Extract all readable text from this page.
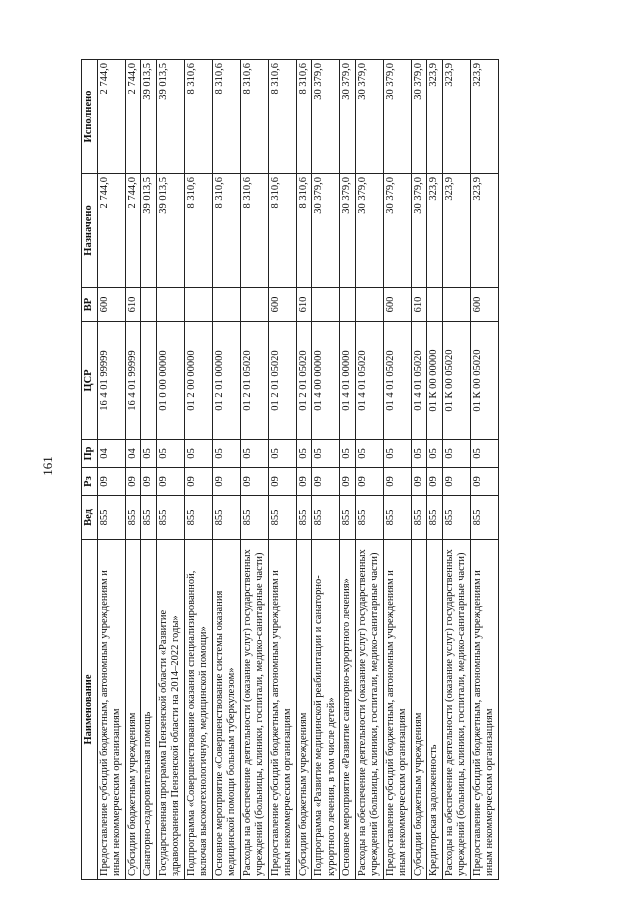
161
Наименование	Вед	Рз	Пр	ЦСР	ВР	Назначено	Исполнено
Предоставление субсидий бюджетным, автономным учреждениям и иным некоммерческим организациям	855	09	04	16 4 01 99999	600	2 744,0	2 744,0
Субсидии бюджетным учреждениям	855	09	04	16 4 01 99999	610	2 744,0	2 744,0
Санаторно-оздоровительная помощь	855	09	05			39 013,5	39 013,5
Государственная программа Пензенской области «Развитие здравоохранения Пензенской области на 2014–2022 годы»	855	09	05	01 0 00 00000		39 013,5	39 013,5
Подпрограмма «Совершенствование оказания специализированной, включая высокотехнологичную, медицинской помощи»	855	09	05	01 2 00 00000		8 310,6	8 310,6
Основное мероприятие «Совершенствование системы оказания медицинской помощи больным туберкулезом»	855	09	05	01 2 01 00000		8 310,6	8 310,6
Расходы на обеспечение деятельности (оказание услуг) государственных учреждений (больницы, клиники, госпитали, медико-санитарные части)	855	09	05	01 2 01 05020		8 310,6	8 310,6
Предоставление субсидий бюджетным, автономным учреждениям и иным некоммерческим организациям	855	09	05	01 2 01 05020	600	8 310,6	8 310,6
Субсидии бюджетным учреждениям	855	09	05	01 2 01 05020	610	8 310,6	8 310,6
Подпрограмма «Развитие медицинской реабилитации и санаторно-курортного лечения, в том числе детей»	855	09	05	01 4 00 00000		30 379,0	30 379,0
Основное мероприятие «Развитие санаторно-курортного лечения»	855	09	05	01 4 01 00000		30 379,0	30 379,0
Расходы на обеспечение деятельности (оказание услуг) государственных учреждений (больницы, клиники, госпитали, медико-санитарные части)	855	09	05	01 4 01 05020		30 379,0	30 379,0
Предоставление субсидий бюджетным, автономным учреждениям и иным некоммерческим организациям	855	09	05	01 4 01 05020	600	30 379,0	30 379,0
Субсидии бюджетным учреждениям	855	09	05	01 4 01 05020	610	30 379,0	30 379,0
Кредиторская задолженность	855	09	05	01 К 00 00000		323,9	323,9
Расходы на обеспечение деятельности (оказание услуг) государственных учреждений (больницы, клиники, госпитали, медико-санитарные части)	855	09	05	01 К 00 05020		323,9	323,9
Предоставление субсидий бюджетным, автономным учреждениям и иным некоммерческим организациям	855	09	05	01 К 00 05020	600	323,9	323,9
